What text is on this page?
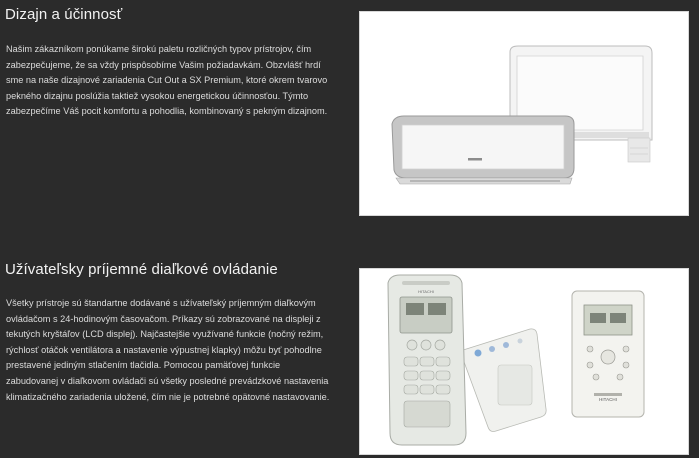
Dizajn a účinnosť

Našim zákazníkom ponúkame širokú paletu rozličných typov prístrojov, čím zabezpečujeme, že sa vždy prispôsobíme Vašim požiadavkám. Obzvlášť hrdí sme na naše dizajnové zariadenia Cut Out a SX Premium, ktoré okrem tvarovo pekného dizajnu poslúžia taktiež vysokou energetickou účinnosťou. Týmto zabezpečíme Váš pocit komfortu a pohodlia, kombinovaný s pekným dizajnom.

Užívateľsky príjemné diaľkové ovládanie

Všetky prístroje sú štandartne dodávané s užívateľský príjemným diaľkovým ovládačom s 24-hodinovým časovačom. Príkazy sú zobrazované na displeji z tekutých kryštáľov (LCD displej). Najčastejšie využívané funkcie (nočný režim, rýchlosť otáčok ventilátora a nastavenie výpustnej klapky) môžu byť pohodlne prestavené jediným stlačením tlačidla. Pomocou pamäťovej funkcie zabudovanej v diaľkovom ovládači sú všetky posledné prevádzkové nastavenia klimatizačného zariadenia uložené, čím nie je potrebné opätovné nastavovanie.

HITACHI
HITACHI
